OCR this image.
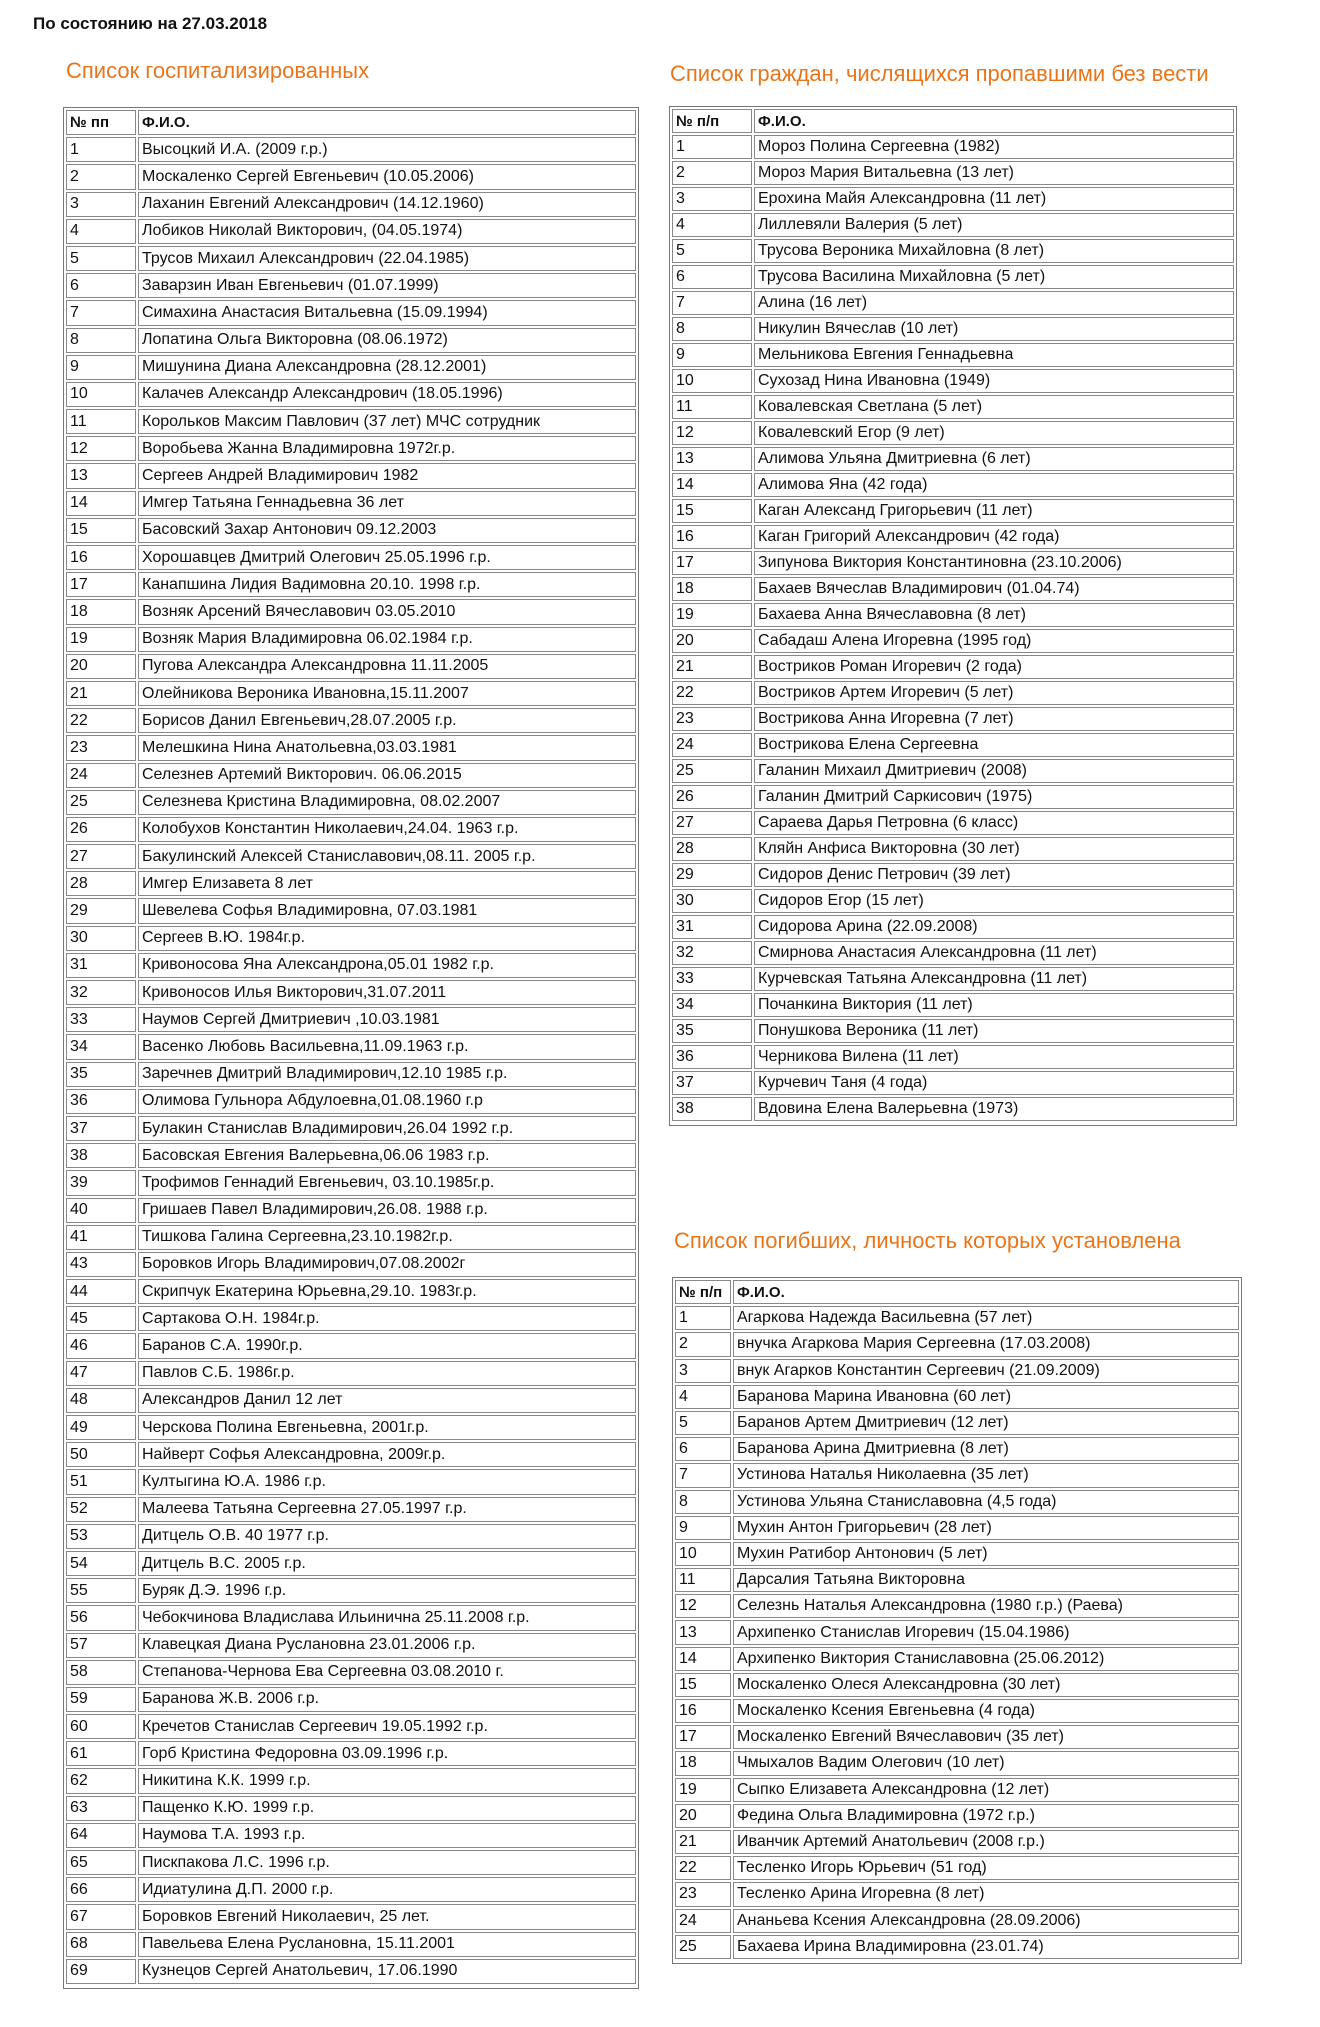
По состоянию на 27.03.2018
Список госпитализированных	Список граждан, числящихся пропавшими без вести
Список погибших, личность которых установлена
№ пп	Ф.И.О.
1	Высоцкий И.А. (2009 г.р.)
2	Москаленко Сергей Евгеньевич (10.05.2006)
3	Лаханин Евгений Александрович (14.12.1960)
4	Лобиков Николай Викторович, (04.05.1974)
5	Трусов Михаил Александрович (22.04.1985)
6	Заварзин Иван Евгеньевич (01.07.1999)
7	Симахина Анастасия Витальевна (15.09.1994)
8	Лопатина Ольга Викторовна (08.06.1972)
9	Мишунина Диана Александровна (28.12.2001)
10	Калачев Александр Александрович (18.05.1996)
11	Корольков Максим Павлович (37 лет) МЧС сотрудник
12	Воробьева Жанна Владимировна 1972г.р.
13	Сергеев Андрей Владимирович 1982
14	Имгер Татьяна Геннадьевна 36 лет
15	Басовский Захар Антонович 09.12.2003
16	Хорошавцев Дмитрий Олегович 25.05.1996 г.р.
17	Канапшина Лидия Вадимовна 20.10. 1998 г.р.
18	Возняк Арсений Вячеславович 03.05.2010
19	Возняк Мария Владимировна 06.02.1984 г.р.
20	Пугова Александра Александровна 11.11.2005
21	Олейникова Вероника Ивановна,15.11.2007
22	Борисов Данил Евгеньевич,28.07.2005 г.р.
23	Мелешкина Нина Анатольевна,03.03.1981
24	Селезнев Артемий Викторович. 06.06.2015
25	Селезнева Кристина Владимировна, 08.02.2007
26	Колобухов Константин Николаевич,24.04. 1963 г.р.
27	Бакулинский Алексей Станиславович,08.11. 2005 г.р.
28	Имгер Елизавета 8 лет
29	Шевелева Софья Владимировна, 07.03.1981
30	Сергеев В.Ю. 1984г.р.
31	Кривоносова Яна Александрона,05.01 1982 г.р.
32	Кривоносов Илья Викторович,31.07.2011
33	Наумов Сергей Дмитриевич ,10.03.1981
34	Васенко Любовь Васильевна,11.09.1963 г.р.
35	Заречнев Дмитрий Владимирович,12.10 1985 г.р.
36	Олимова Гульнора Абдулоевна,01.08.1960 г.р
37	Булакин Станислав Владимирович,26.04 1992 г.р.
38	Басовская Евгения Валерьевна,06.06 1983 г.р.
39	Трофимов Геннадий Евгеньевич, 03.10.1985г.р.
40	Гришаев Павел Владимирович,26.08. 1988 г.р.
41	Тишкова Галина Сергеевна,23.10.1982г.р.
43	Боровков Игорь Владимирович,07.08.2002г
44	Скрипчук Екатерина Юрьевна,29.10. 1983г.р.
45	Сартакова О.Н. 1984г.р.
46	Баранов С.А. 1990г.р.
47	Павлов С.Б. 1986г.р.
48	Александров Данил 12 лет
49	Черскова Полина Евгеньевна, 2001г.р.
50	Найверт Софья Александровна, 2009г.р.
51	Култыгина Ю.А. 1986 г.р.
52	Малеева Татьяна Сергеевна 27.05.1997 г.р.
53	Дитцель О.В. 40 1977 г.р.
54	Дитцель В.С. 2005 г.р.
55	Буряк Д.Э. 1996 г.р.
56	Чебокчинова Владислава Ильинична 25.11.2008 г.р.
57	Клавецкая Диана Руслановна 23.01.2006 г.р.
58	Степанова-Чернова Ева Сергеевна 03.08.2010 г.
59	Баранова Ж.В. 2006 г.р.
60	Кречетов Станислав Сергеевич 19.05.1992 г.р.
61	Горб Кристина Федоровна 03.09.1996 г.р.
62	Никитина К.К. 1999 г.р.
63	Пащенко К.Ю. 1999 г.р.
64	Наумова Т.А. 1993 г.р.
65	Пискпакова Л.С. 1996 г.р.
66	Идиатулина Д.П. 2000 г.р.
67	Боровков Евгений Николаевич, 25 лет.
68	Павельева Елена Руслановна, 15.11.2001
69	Кузнецов Сергей Анатольевич, 17.06.1990
№ п/п	Ф.И.О.
1	Мороз Полина Сергеевна (1982)
2	Мороз Мария Витальевна (13 лет)
3	Ерохина Майя Александровна (11 лет)
4	Лиллевяли Валерия (5 лет)
5	Трусова Вероника Михайловна (8 лет)
6	Трусова Василина Михайловна (5 лет)
7	Алина (16 лет)
8	Никулин Вячеслав (10 лет)
9	Мельникова Евгения Геннадьевна
10	Сухозад Нина Ивановна (1949)
11	Ковалевская Светлана (5 лет)
12	Ковалевский Егор (9 лет)
13	Алимова Ульяна Дмитриевна (6 лет)
14	Алимова Яна (42 года)
15	Каган Александ Григорьевич (11 лет)
16	Каган Григорий Александрович (42 года)
17	Зипунова Виктория Константиновна (23.10.2006)
18	Бахаев Вячеслав Владимирович (01.04.74)
19	Бахаева Анна Вячеславовна (8 лет)
20	Сабадаш Алена Игоревна (1995 год)
21	Востриков Роман Игоревич (2 года)
22	Востриков Артем Игоревич (5 лет)
23	Вострикова Анна Игоревна (7 лет)
24	Вострикова Елена Сергеевна
25	Галанин Михаил Дмитриевич (2008)
26	Галанин Дмитрий Саркисович (1975)
27	Сараева Дарья Петровна (6 класс)
28	Кляйн Анфиса Викторовна (30 лет)
29	Сидоров Денис Петрович (39 лет)
30	Сидоров Егор (15 лет)
31	Сидорова Арина (22.09.2008)
32	Смирнова Анастасия Александровна (11 лет)
33	Курчевская Татьяна Александровна (11 лет)
34	Почанкина Виктория (11 лет)
35	Понушкова Вероника (11 лет)
36	Черникова Вилена (11 лет)
37	Курчевич Таня (4 года)
38	Вдовина Елена Валерьевна (1973)
№ п/п Ф.И.О.
1	Агаркова Надежда Васильевна (57 лет)
2	внучка Агаркова Мария Сергеевна (17.03.2008)
3	внук Агарков Константин Сергеевич (21.09.2009)
4	Баранова Марина Ивановна (60 лет)
5	Баранов Артем Дмитриевич (12 лет)
6	Баранова Арина Дмитриевна (8 лет)
7	Устинова Наталья Николаевна (35 лет)
8	Устинова Ульяна Станиславовна (4,5 года)
9	Мухин Антон Григорьевич (28 лет)
10	Мухин Ратибор Антонович (5 лет)
11	Дарсалия Татьяна Викторовна
12	Селезнь Наталья Александровна (1980 г.р.) (Раева)
13	Архипенко Станислав Игоревич (15.04.1986)
14	Архипенко Виктория Станиславовна (25.06.2012)
15	Москаленко Олеся Александровна (30 лет)
16	Москаленко Ксения Евгеньевна (4 года)
17	Москаленко Евгений Вячеславович (35 лет)
18	Чмыхалов Вадим Олегович (10 лет)
19	Сыпко Елизавета Александровна (12 лет)
20	Федина Ольга Владимировна (1972 г.р.)
21	Иванчик Артемий Анатольевич (2008 г.р.)
22	Тесленко Игорь Юрьевич (51 год)
23	Тесленко Арина Игоревна (8 лет)
24	Ананьева Ксения Александровна (28.09.2006)
25	Бахаева Ирина Владимировна (23.01.74)
